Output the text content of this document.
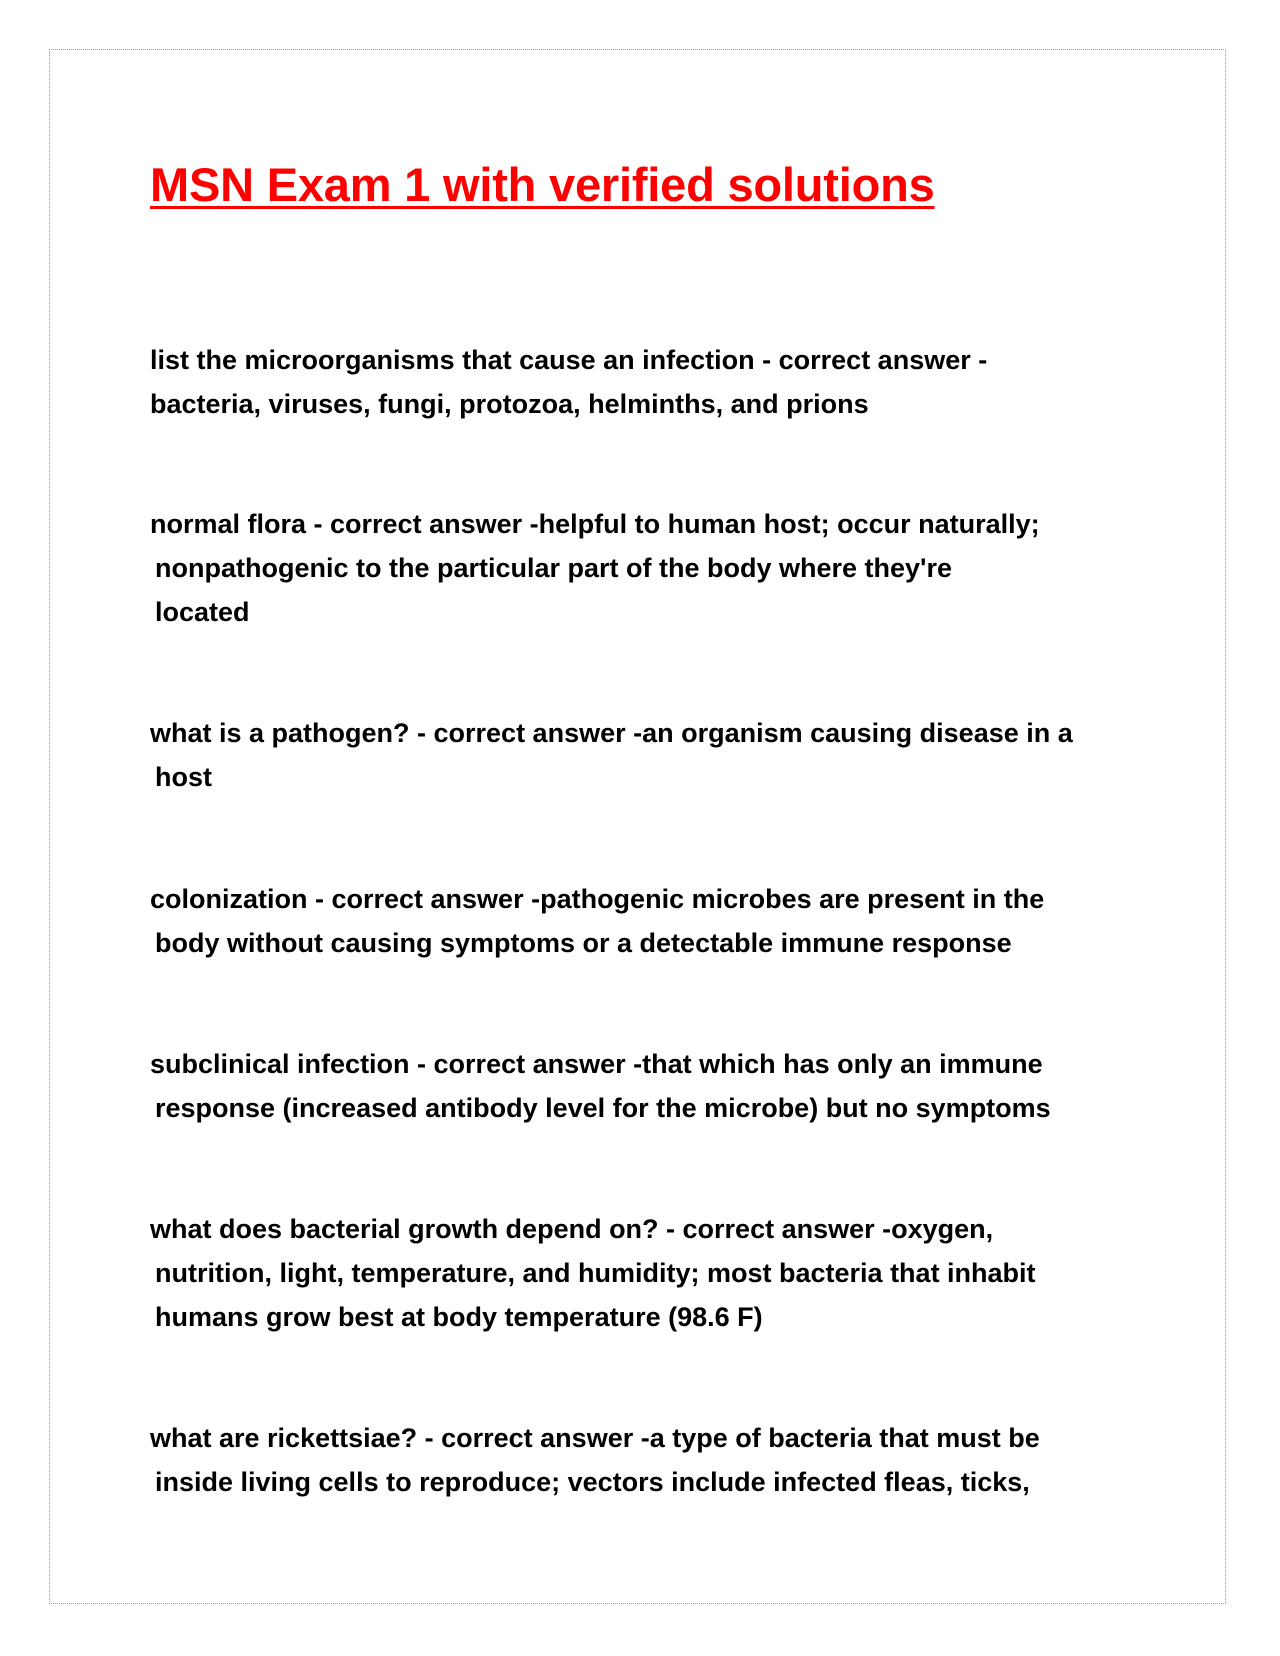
MSN Exam 1 with verified solutions

list the microorganisms that cause an infection - correct answer -
bacteria, viruses, fungi, protozoa, helminths, and prions

normal flora - correct answer -helpful to human host; occur naturally;
nonpathogenic to the particular part of the body where they're
located

what is a pathogen? - correct answer -an organism causing disease in a
host

colonization - correct answer -pathogenic microbes are present in the
body without causing symptoms or a detectable immune response

subclinical infection - correct answer -that which has only an immune
response (increased antibody level for the microbe) but no symptoms

what does bacterial growth depend on? - correct answer -oxygen,
nutrition, light, temperature, and humidity; most bacteria that inhabit
humans grow best at body temperature (98.6 F)

what are rickettsiae? - correct answer -a type of bacteria that must be
inside living cells to reproduce; vectors include infected fleas, ticks,
